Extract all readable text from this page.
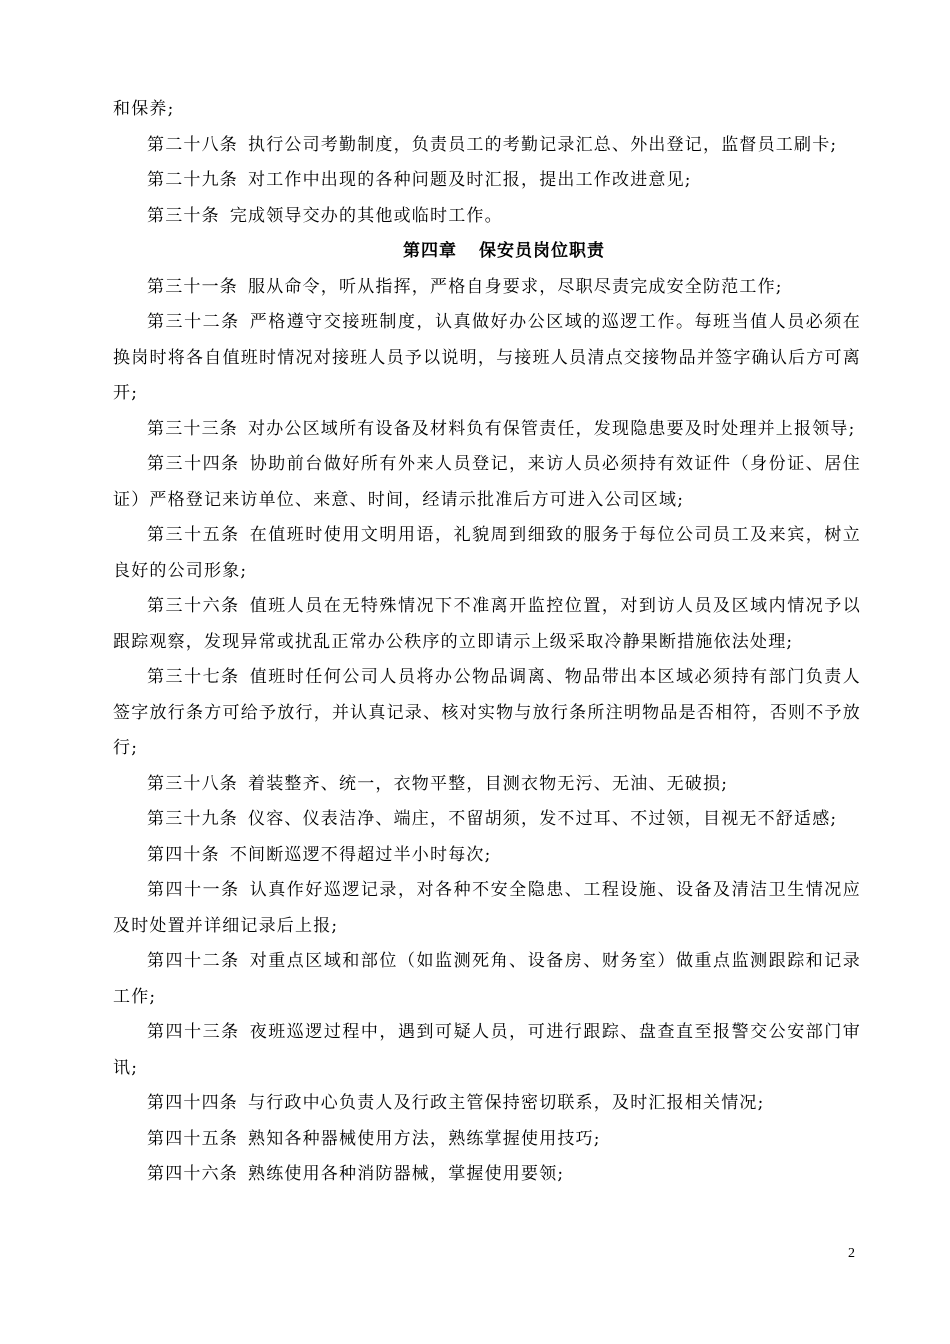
和保养;

第二十八条 执行公司考勤制度，负责员工的考勤记录汇总、外出登记，监督员工刷卡;

第二十九条 对工作中出现的各种问题及时汇报，提出工作改进意见;

第三十条 完成领导交办的其他或临时工作。

第四章 保安员岗位职责

第三十一条 服从命令，听从指挥，严格自身要求，尽职尽责完成安全防范工作;

第三十二条 严格遵守交接班制度，认真做好办公区域的巡逻工作。每班当值人员必须在换岗时将各自值班时情况对接班人员予以说明，与接班人员清点交接物品并签字确认后方可离开;

第三十三条 对办公区域所有设备及材料负有保管责任，发现隐患要及时处理并上报领导;

第三十四条 协助前台做好所有外来人员登记，来访人员必须持有效证件（身份证、居住证）严格登记来访单位、来意、时间，经请示批准后方可进入公司区域;

第三十五条 在值班时使用文明用语，礼貌周到细致的服务于每位公司员工及来宾，树立良好的公司形象;

第三十六条 值班人员在无特殊情况下不准离开监控位置，对到访人员及区域内情况予以跟踪观察，发现异常或扰乱正常办公秩序的立即请示上级采取冷静果断措施依法处理;

第三十七条 值班时任何公司人员将办公物品调离、物品带出本区域必须持有部门负责人签字放行条方可给予放行，并认真记录、核对实物与放行条所注明物品是否相符，否则不予放行;

第三十八条 着装整齐、统一，衣物平整，目测衣物无污、无油、无破损;

第三十九条 仪容、仪表洁净、端庄，不留胡须，发不过耳、不过领，目视无不舒适感;

第四十条 不间断巡逻不得超过半小时每次;

第四十一条 认真作好巡逻记录，对各种不安全隐患、工程设施、设备及清洁卫生情况应及时处置并详细记录后上报;

第四十二条 对重点区域和部位（如监测死角、设备房、财务室）做重点监测跟踪和记录工作;

第四十三条 夜班巡逻过程中，遇到可疑人员，可进行跟踪、盘查直至报警交公安部门审讯;

第四十四条 与行政中心负责人及行政主管保持密切联系，及时汇报相关情况;

第四十五条 熟知各种器械使用方法，熟练掌握使用技巧;

第四十六条 熟练使用各种消防器械，掌握使用要领;

2
